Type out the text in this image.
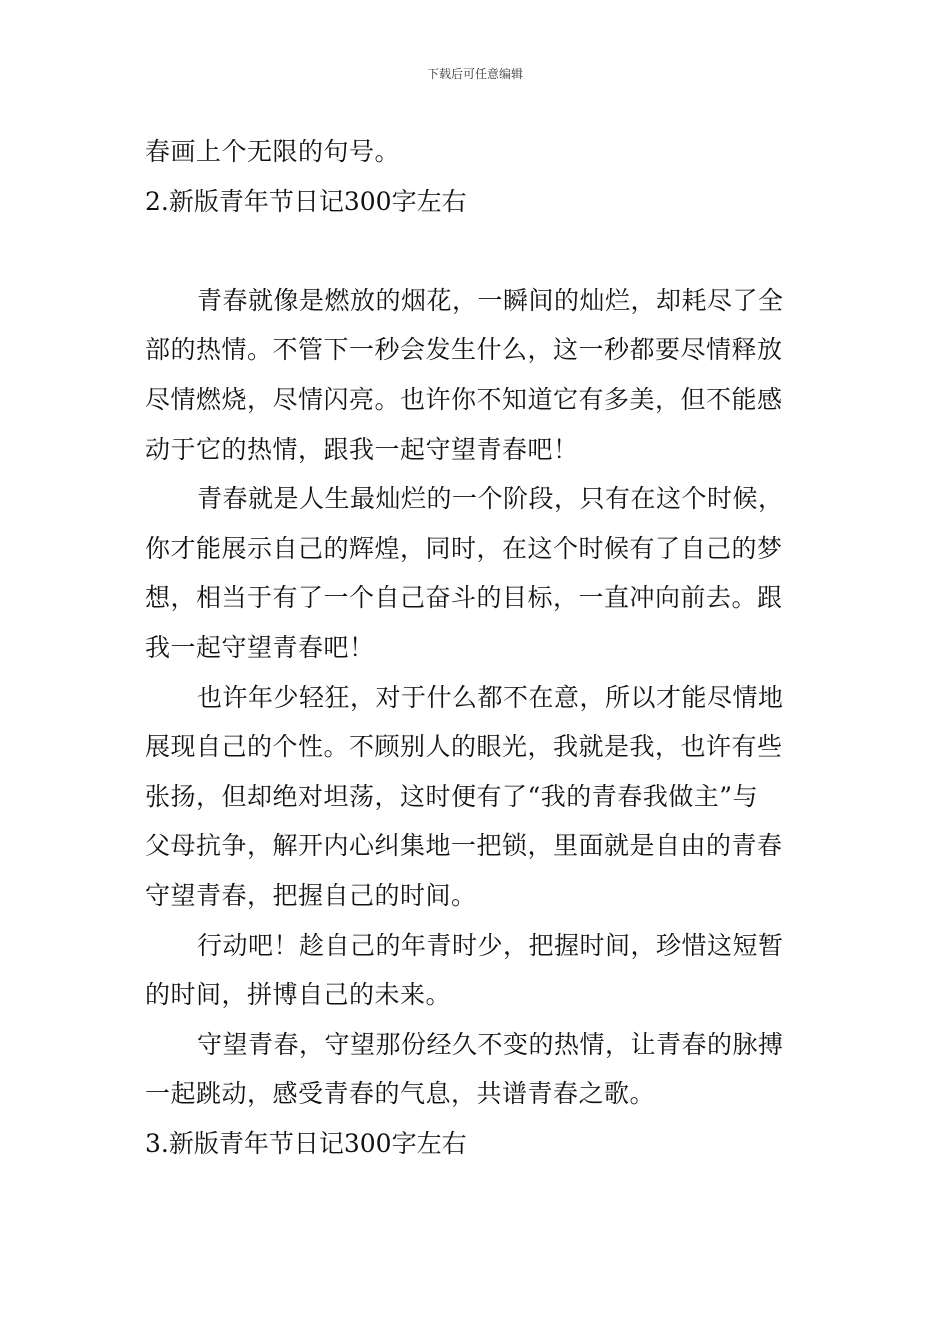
下载后可任意编辑
春画上个无限的句号。
2.新版青年节日记300字左右
青春就像是燃放的烟花，一瞬间的灿烂，却耗尽了全
部的热情。不管下一秒会发生什么，这一秒都要尽情释放
尽情燃烧，尽情闪亮。也许你不知道它有多美，但不能感
动于它的热情，跟我一起守望青春吧！
青春就是人生最灿烂的一个阶段，只有在这个时候，
你才能展示自己的辉煌，同时，在这个时候有了自己的梦
想，相当于有了一个自己奋斗的目标，一直冲向前去。跟
我一起守望青春吧！
也许年少轻狂，对于什么都不在意，所以才能尽情地
展现自己的个性。不顾别人的眼光，我就是我，也许有些
张扬，但却绝对坦荡，这时便有了“我的青春我做主”与
父母抗争，解开内心纠集地一把锁，里面就是自由的青春
守望青春，把握自己的时间。
行动吧！趁自己的年青时少，把握时间，珍惜这短暂
的时间，拼博自己的未来。
守望青春，守望那份经久不变的热情，让青春的脉搏
一起跳动，感受青春的气息，共谱青春之歌。
3.新版青年节日记300字左右
